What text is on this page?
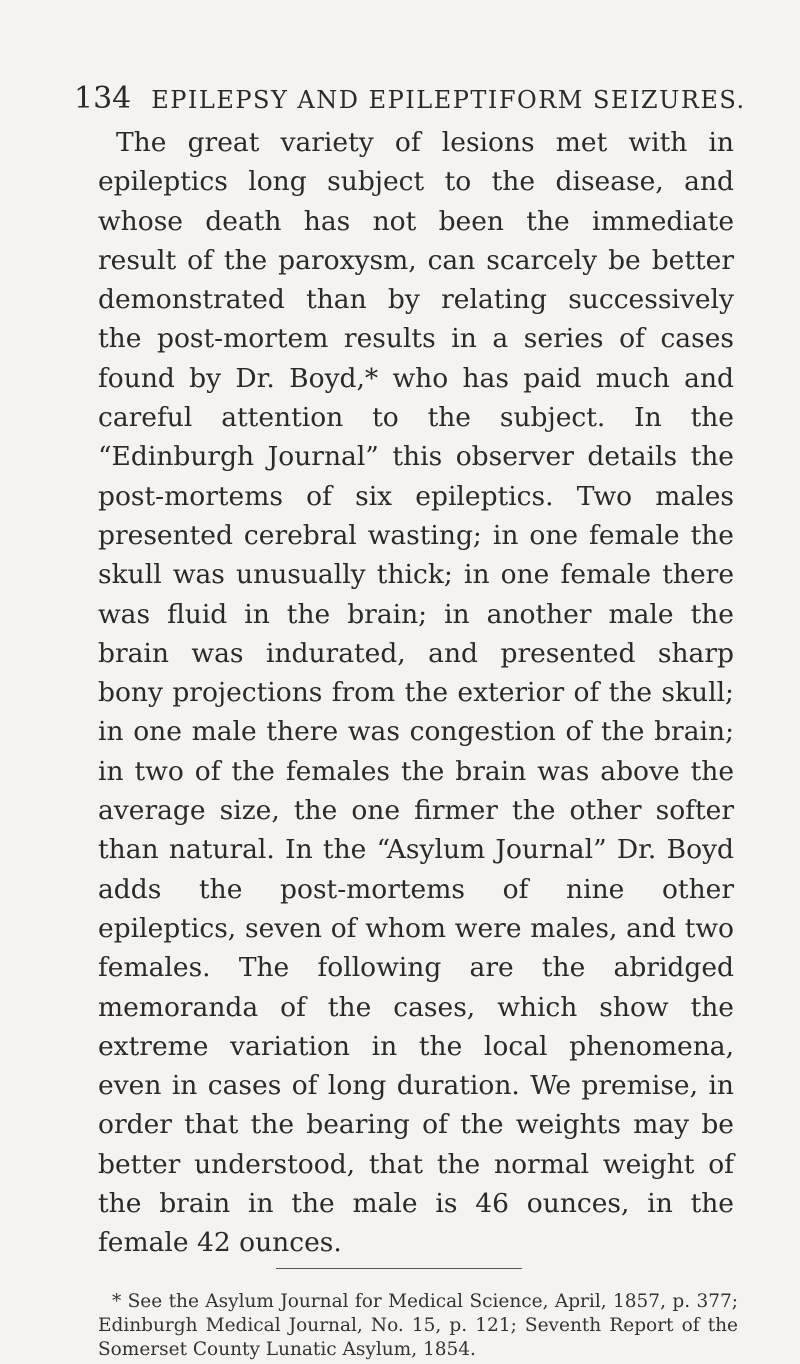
134 EPILEPSY AND EPILEPTIFORM SEIZURES.

The great variety of lesions met with in epileptics long subject to the disease, and whose death has not been the immediate result of the paroxysm, can scarcely be better demonstrated than by relating successively the post-mortem results in a series of cases found by Dr. Boyd,* who has paid much and careful attention to the subject. In the “Edinburgh Journal” this observer details the post-mortems of six epileptics. Two males presented cerebral wasting; in one female the skull was unusually thick; in one female there was fluid in the brain; in another male the brain was indurated, and presented sharp bony projections from the exterior of the skull; in one male there was congestion of the brain; in two of the females the brain was above the average size, the one firmer the other softer than natural. In the “Asylum Journal” Dr. Boyd adds the post-mortems of nine other epileptics, seven of whom were males, and two females. The following are the abridged memoranda of the cases, which show the extreme variation in the local phenomena, even in cases of long duration. We premise, in order that the bearing of the weights may be better understood, that the normal weight of the brain in the male is 46 ounces, in the female 42 ounces.

* See the Asylum Journal for Medical Science, April, 1857, p. 377; Edinburgh Medical Journal, No. 15, p. 121; Seventh Report of the Somerset County Lunatic Asylum, 1854.
